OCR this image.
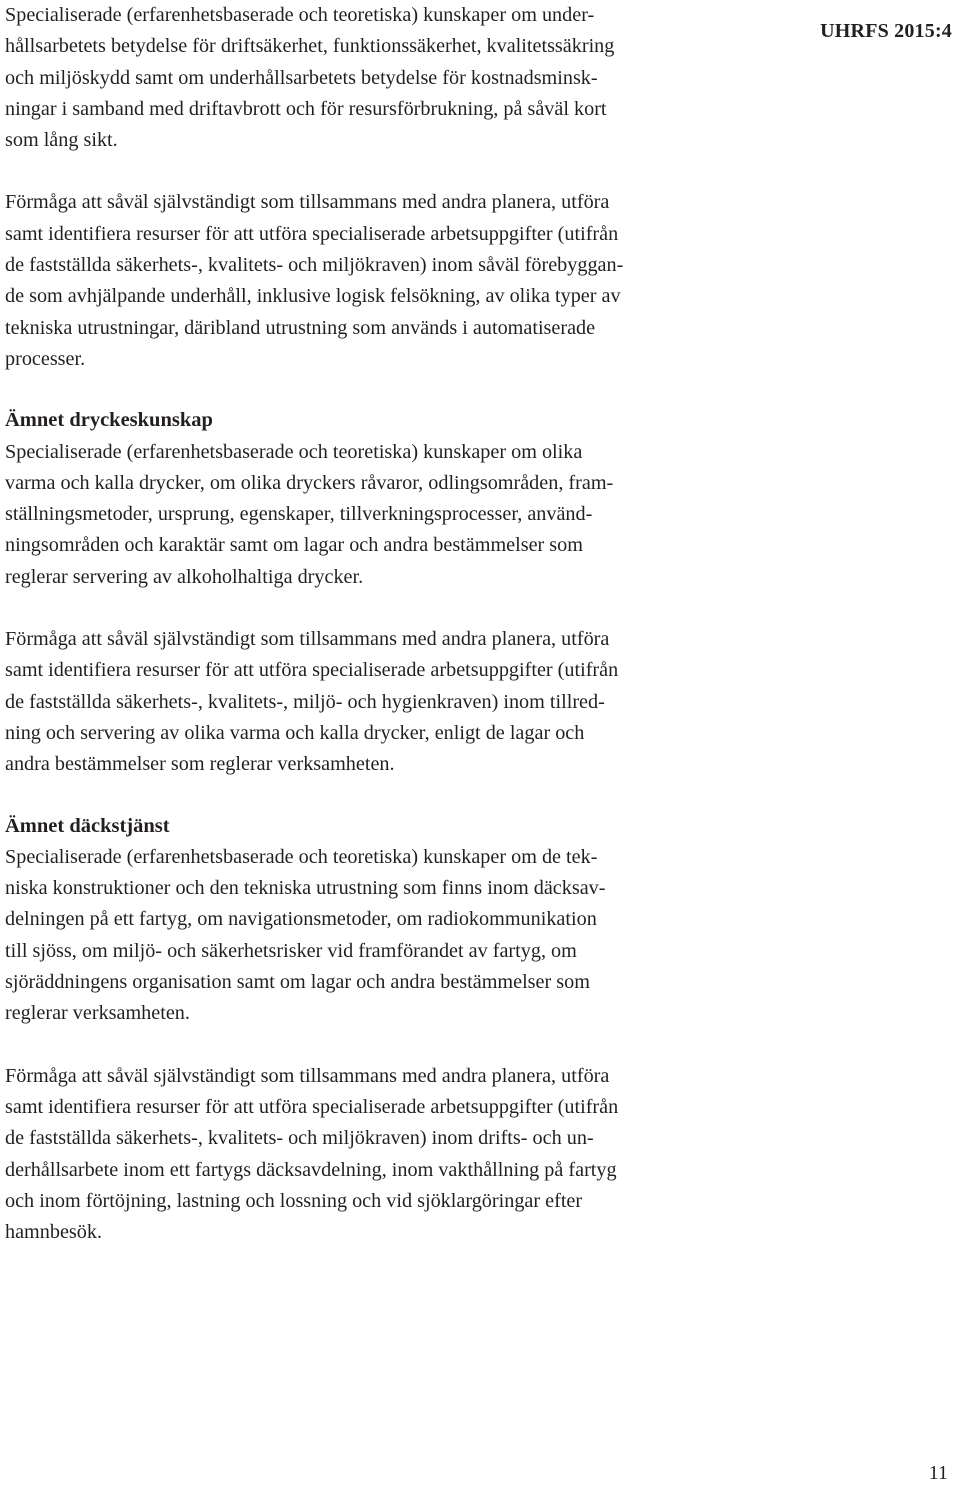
UHRFS 2015:4

Specialiserade (erfarenhetsbaserade och teoretiska) kunskaper om under-
hållsarbetets betydelse för driftsäkerhet, funktionssäkerhet, kvalitetssäkring
och miljöskydd samt om underhållsarbetets betydelse för kostnadsminsk-
ningar i samband med driftavbrott och för resursförbrukning, på såväl kort
som lång sikt.

Förmåga att såväl självständigt som tillsammans med andra planera, utföra
samt identifiera resurser för att utföra specialiserade arbetsuppgifter (utifrån
de fastställda säkerhets-, kvalitets- och miljökraven) inom såväl förebyggan-
de som avhjälpande underhåll, inklusive logisk felsökning, av olika typer av
tekniska utrustningar, däribland utrustning som används i automatiserade
processer.

Ämnet dryckeskunskap

Specialiserade (erfarenhetsbaserade och teoretiska) kunskaper om olika
varma och kalla drycker, om olika dryckers råvaror, odlingsområden, fram-
ställningsmetoder, ursprung, egenskaper, tillverkningsprocesser, använd-
ningsområden och karaktär samt om lagar och andra bestämmelser som
reglerar servering av alkoholhaltiga drycker.

Förmåga att såväl självständigt som tillsammans med andra planera, utföra
samt identifiera resurser för att utföra specialiserade arbetsuppgifter (utifrån
de fastställda säkerhets-, kvalitets-, miljö- och hygienkraven) inom tillred-
ning och servering av olika varma och kalla drycker, enligt de lagar och
andra bestämmelser som reglerar verksamheten.

Ämnet däckstjänst

Specialiserade (erfarenhetsbaserade och teoretiska) kunskaper om de tek-
niska konstruktioner och den tekniska utrustning som finns inom däcksav-
delningen på ett fartyg, om navigationsmetoder, om radiokommunikation
till sjöss, om miljö- och säkerhetsrisker vid framförandet av fartyg, om
sjöräddningens organisation samt om lagar och andra bestämmelser som
reglerar verksamheten.

Förmåga att såväl självständigt som tillsammans med andra planera, utföra
samt identifiera resurser för att utföra specialiserade arbetsuppgifter (utifrån
de fastställda säkerhets-, kvalitets- och miljökraven) inom drifts- och un-
derhållsarbete inom ett fartygs däcksavdelning, inom vakthållning på fartyg
och inom förtöjning, lastning och lossning och vid sjöklargöringar efter
hamnbesök.

11
